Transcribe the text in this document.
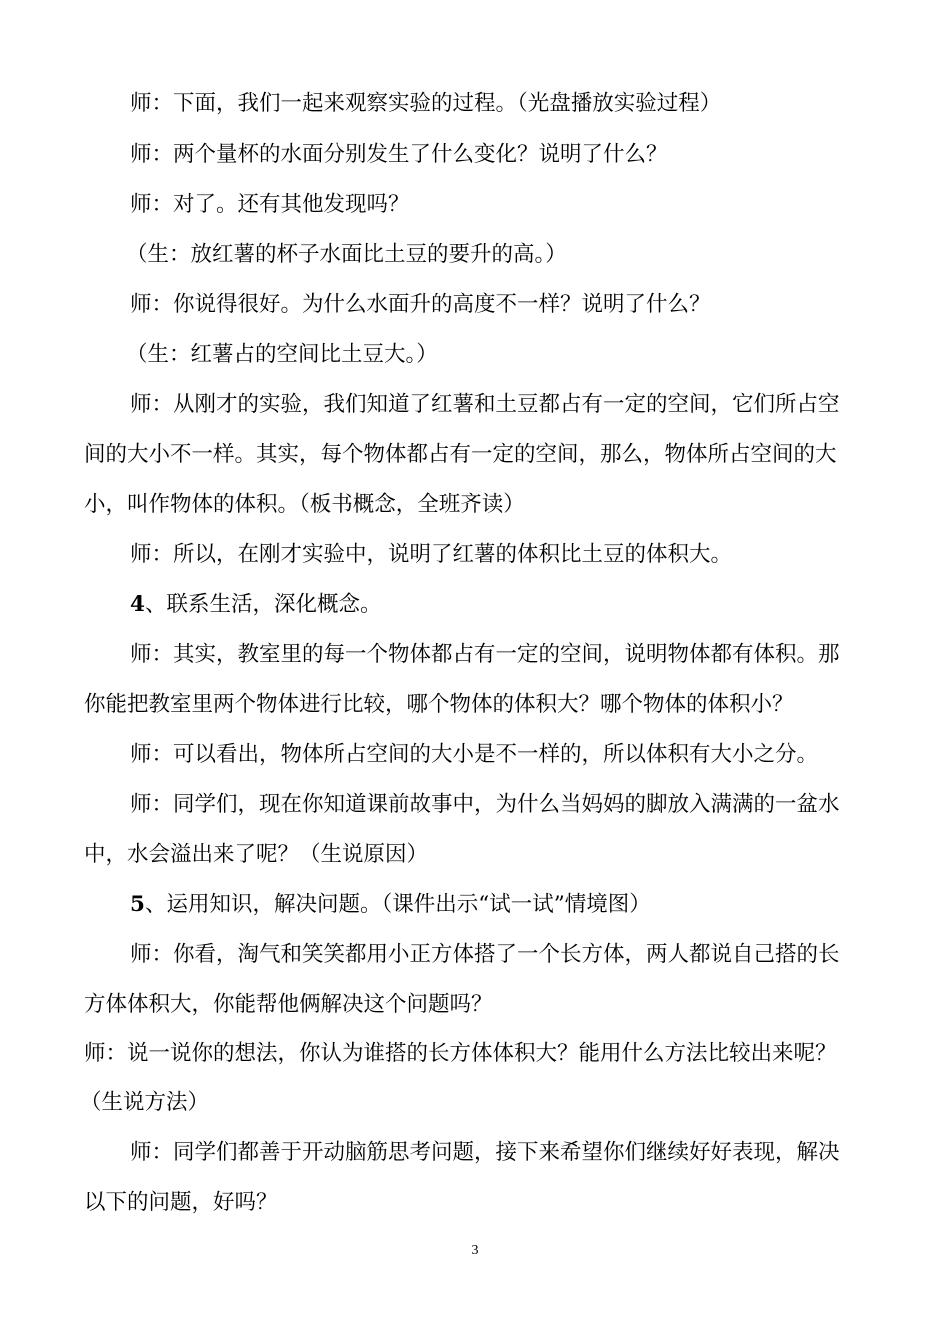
师：下面，我们一起来观察实验的过程。（光盘播放实验过程）

师：两个量杯的水面分别发生了什么变化？说明了什么？

师：对了。还有其他发现吗？

（生：放红薯的杯子水面比土豆的要升的高。）

师：你说得很好。为什么水面升的高度不一样？说明了什么？

（生：红薯占的空间比土豆大。）

师：从刚才的实验，我们知道了红薯和土豆都占有一定的空间，它们所占空

间的大小不一样。其实，每个物体都占有一定的空间，那么，物体所占空间的大

小，叫作物体的体积。（板书概念，全班齐读）

师：所以，在刚才实验中，说明了红薯的体积比土豆的体积大。

4、联系生活，深化概念。

师：其实，教室里的每一个物体都占有一定的空间，说明物体都有体积。那

你能把教室里两个物体进行比较，哪个物体的体积大？哪个物体的体积小？

师：可以看出，物体所占空间的大小是不一样的，所以体积有大小之分。

师：同学们，现在你知道课前故事中，为什么当妈妈的脚放入满满的一盆水

中，水会溢出来了呢？（生说原因）

5、运用知识，解决问题。（课件出示“试一试”情境图）

师：你看，淘气和笑笑都用小正方体搭了一个长方体，两人都说自己搭的长

方体体积大，你能帮他俩解决这个问题吗？

师：说一说你的想法，你认为谁搭的长方体体积大？能用什么方法比较出来呢？

（生说方法）

师：同学们都善于开动脑筋思考问题，接下来希望你们继续好好表现，解决

以下的问题，好吗？

3
